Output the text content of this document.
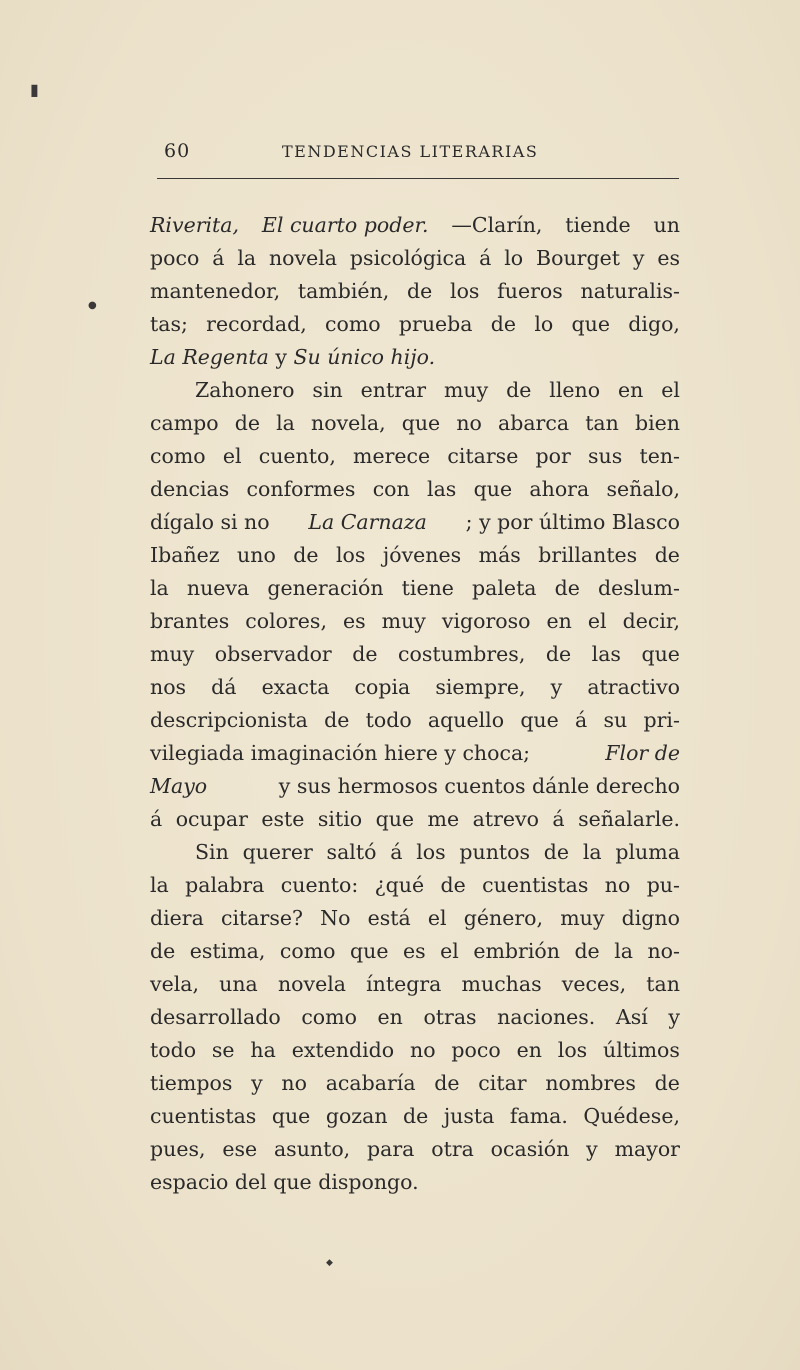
▮
●
◆
60	TENDENCIAS LITERARIAS
Riverita, El cuarto poder. —Clarín, tiende un
poco á la novela psicológica á lo Bourget y es
mantenedor, también, de los fueros naturalis-
tas; recordad, como prueba de lo que digo,
La Regenta y Su único hijo.
Zahonero sin entrar muy de lleno en el
campo de la novela, que no abarca tan bien
como el cuento, merece citarse por sus ten-
dencias conformes con las que ahora señalo,
dígalo si no La Carnaza ; y por último Blasco
Ibañez uno de los jóvenes más brillantes de
la nueva generación tiene paleta de deslum-
brantes colores, es muy vigoroso en el decir,
muy observador de costumbres, de las que
nos dá exacta copia siempre, y atractivo
descripcionista de todo aquello que á su pri-
vilegiada imaginación hiere y choca;	Flor de
Mayo	y sus hermosos cuentos dánle derecho
á ocupar este sitio que me atrevo á señalarle.
Sin querer saltó á los puntos de la pluma
la palabra cuento: ¿qué de cuentistas no pu-
diera citarse? No está el género, muy digno
de estima, como que es el embrión de la no-
vela, una novela íntegra muchas veces, tan
desarrollado como en otras naciones. Así y
todo se ha extendido no poco en los últimos
tiempos y no acabaría de citar nombres de
cuentistas que gozan de justa fama. Quédese,
pues, ese asunto, para otra ocasión y mayor
espacio del que dispongo.
